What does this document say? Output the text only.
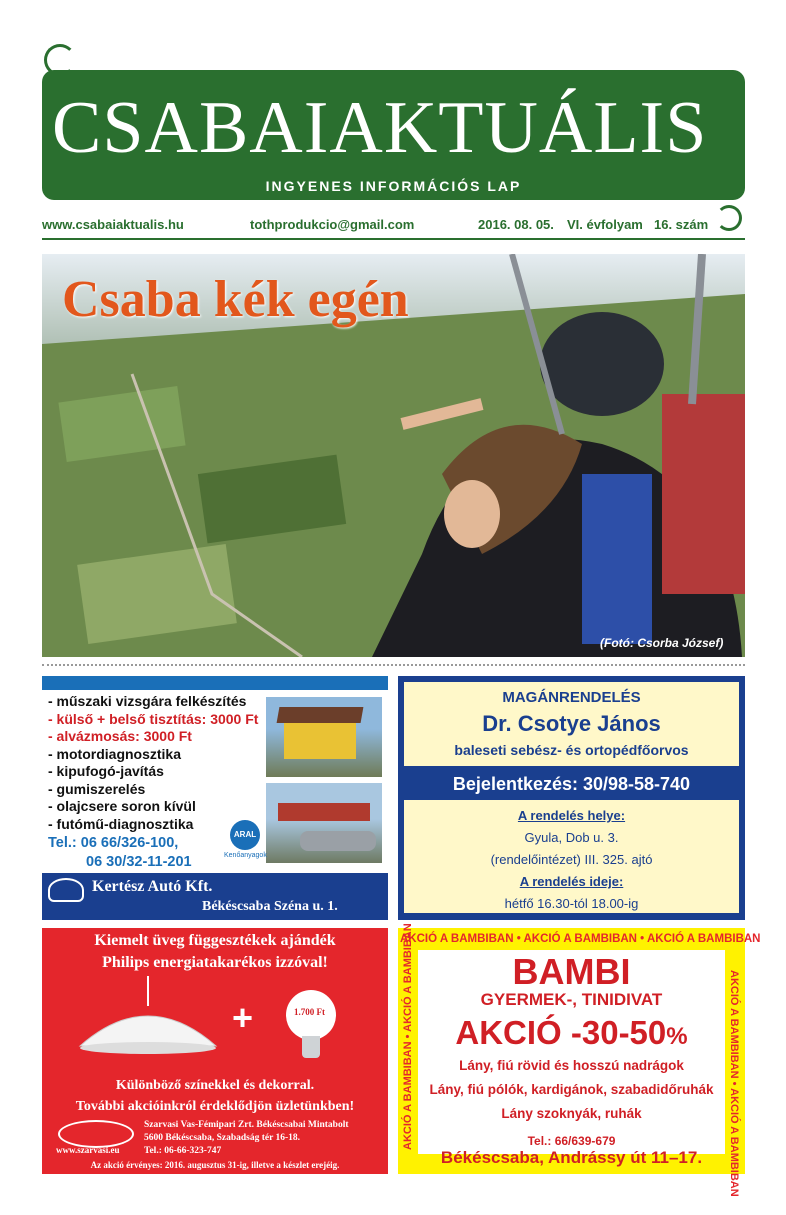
CSABAIAKTUÁLIS
INGYENES INFORMÁCIÓS LAP
www.csabaiaktualis.hu	tothprodukcio@gmail.com	2016. 08. 05. VI. évfolyam 16. szám
Csaba kék egén
(Fotó: Csorba József)
- műszaki vizsgára felkészítés
- külső + belső tisztítás: 3000 Ft
- alvázmosás: 3000 Ft
- motordiagnosztika
- kipufogó-javítás
- gumiszerelés
- olajcsere soron kívül
- futómű-diagnosztika
ARAL
Kenőanyagok
Tel.: 06 66/326-100,
06 30/32-11-201
Kertész Autó Kft.
Békéscsaba Széna u. 1.
MAGÁNRENDELÉS
Dr. Csotye János
baleseti sebész- és ortopédfőorvos
Bejelentkezés: 30/98-58-740
A rendelés helye:
Gyula, Dob u. 3.
(rendelőintézet) III. 325. ajtó
A rendelés ideje:
hétfő 16.30-tól 18.00-ig
Kiemelt üveg függesztékek ajándék
Philips energiatakarékos izzóval!
+	1.700 Ft
Különböző színekkel és dekorral.
További akcióinkról érdeklődjön üzletünkben!
www.szarvasi.eu
Szarvasi Vas-Fémipari Zrt. Békéscsabai Mintabolt
5600 Békéscsaba, Szabadság tér 16-18.
Tel.: 06-66-323-747
Az akció érvényes: 2016. augusztus 31-ig, illetve a készlet erejéig.
AKCIÓ A BAMBIBAN • AKCIÓ A BAMBIBAN • AKCIÓ A BAMBIBAN
AKCIÓ A BAMBIBAN • AKCIÓ A BAMBIBAN	AKCIÓ A BAMBIBAN • AKCIÓ A BAMBIBAN
BAMBI
GYERMEK-, TINIDIVAT
AKCIÓ -30-50%
Lány, fiú rövid és hosszú nadrágok
Lány, fiú pólók, kardigánok, szabadidőruhák
Lány szoknyák, ruhák
Tel.: 66/639-679
Békéscsaba, Andrássy út 11–17.
